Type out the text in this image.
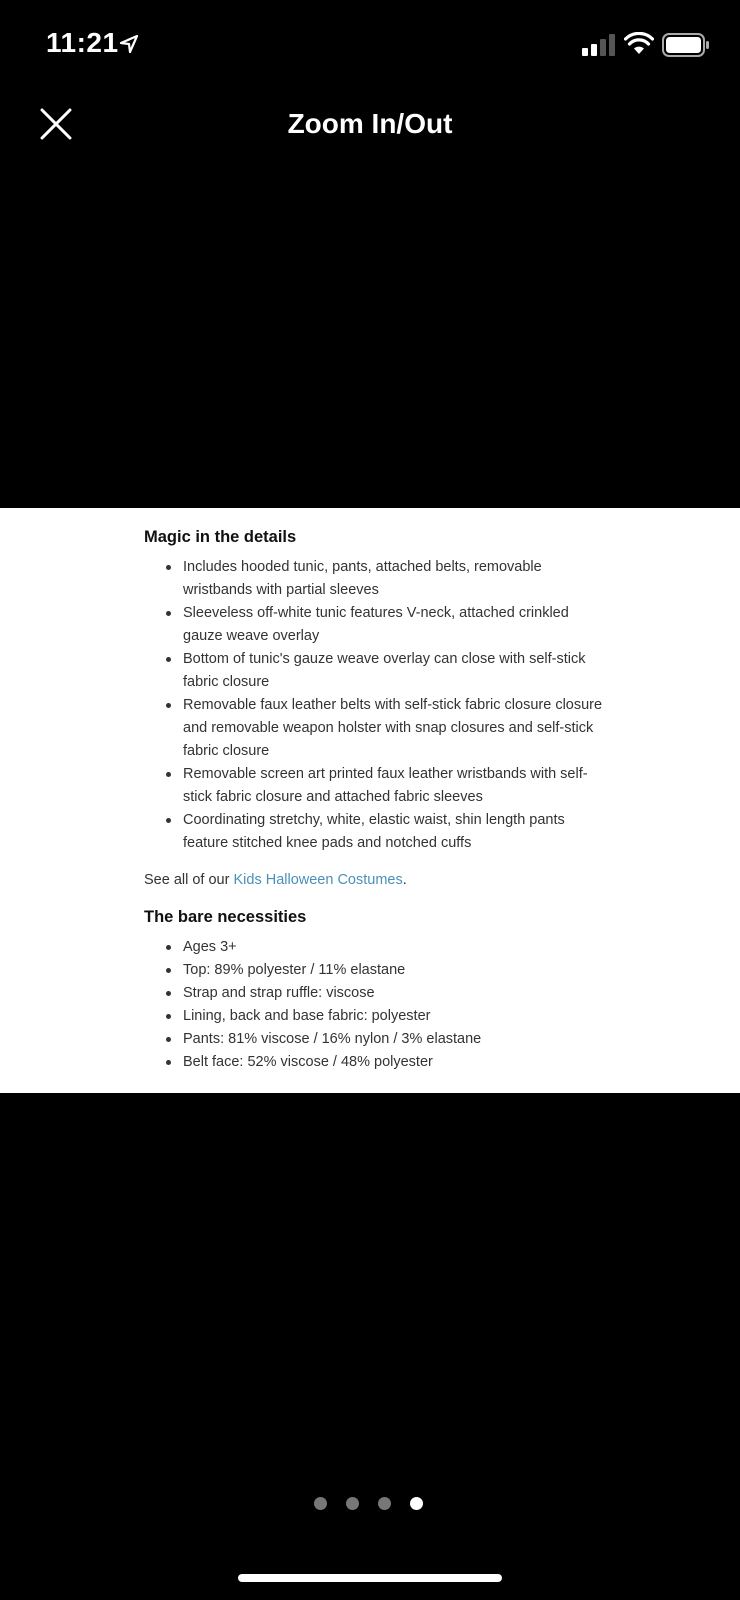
11:21
Zoom In/Out
Magic in the details
Includes hooded tunic, pants, attached belts, removable wristbands with partial sleeves
Sleeveless off-white tunic features V-neck, attached crinkled gauze weave overlay
Bottom of tunic's gauze weave overlay can close with self-stick fabric closure
Removable faux leather belts with self-stick fabric closure closure and removable weapon holster with snap closures and self-stick fabric closure
Removable screen art printed faux leather wristbands with self-stick fabric closure and attached fabric sleeves
Coordinating stretchy, white, elastic waist, shin length pants feature stitched knee pads and notched cuffs
See all of our Kids Halloween Costumes.
The bare necessities
Ages 3+
Top: 89% polyester / 11% elastane
Strap and strap ruffle: viscose
Lining, back and base fabric: polyester
Pants: 81% viscose / 16% nylon / 3% elastane
Belt face: 52% viscose / 48% polyester
